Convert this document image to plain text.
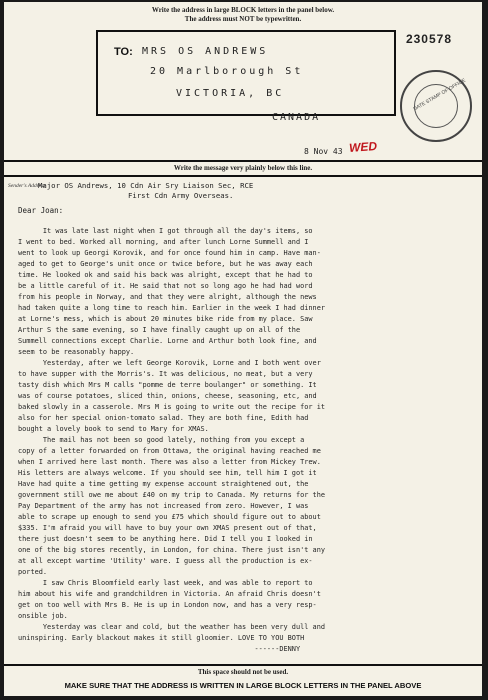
Write the address in large BLOCK letters in the panel below.
The address must NOT be typewritten.
TO: MRS OS ANDREWS
20 Marlborough St
VICTORIA, BC
CANADA
230578
DATE STAMP OF OFFICE
8 Nov 43 WED
Write the message very plainly below this line.
Sender's Address
Major OS Andrews, 10 Cdn Air Sry Liaison Sec, RCE
First Cdn Army Overseas.
Dear Joan:
It was late last night when I got through all the day's items, so
I went to bed. Worked all morning, and after lunch Lorne Summell and I
went to look up Georgi Korovik, and for once found him in camp. Have man-
aged to get to George's unit once or twice before, but he was away each
time. He looked ok and said his back was alright, except that he had to
be a little careful of it. He said that not so long ago he had had word
from his people in Norway, and that they were alright, although the news
had taken quite a long time to reach him. Earlier in the week I had dinner
at Lorne's mess, which is about 20 minutes bike ride from my place. Saw
Arthur S the same evening, so I have finally caught up on all of the
Summell connections except Charlie. Lorne and Arthur both look fine, and
seem to be reasonably happy.
Yesterday, after we left George Korovik, Lorne and I both went over
to have supper with the Morris's. It was delicious, no meat, but a very
tasty dish which Mrs M calls "pomme de terre boulanger" or something. It
was of course potatoes, sliced thin, onions, cheese, seasoning, etc, and
baked slowly in a casserole. Mrs M is going to write out the recipe for it
also for her special onion-tomato salad. They are both fine, Edith had
bought a lovely book to send to Mary for XMAS.
The mail has not been so good lately, nothing from you except a
copy of a letter forwarded on from Ottawa, the original having reached me
when I arrived here last month. There was also a letter from Mickey Trew.
His letters are always welcome. If you should see him, tell him I got it
Have had quite a time getting my expense account straightened out, the
government still owe me about £40 on my trip to Canada. My returns for the
Pay Department of the army has not increased from zero. However, I was
able to scrape up enough to send you £75 which should figure out to about
$335. I'm afraid you will have to buy your own XMAS present out of that,
there just doesn't seem to be anything here. Did I tell you I looked in
one of the big stores recently, in London, for china. There just isn't any
at all except wartime 'Utility' ware. I guess all the production is ex-
ported.
I saw Chris Bloomfield early last week, and was able to report to
him about his wife and grandchildren in Victoria. An afraid Chris doesn't
get on too well with Mrs B. He is up in London now, and has a very resp-
onsible job.
Yesterday was clear and cold, but the weather has been very dull and
uninspiring. Early blackout makes it still gloomier. LOVE TO YOU BOTH
------DENNY
This space should not be used.
MAKE SURE THAT THE ADDRESS IS WRITTEN IN LARGE BLOCK LETTERS IN THE PANEL ABOVE
